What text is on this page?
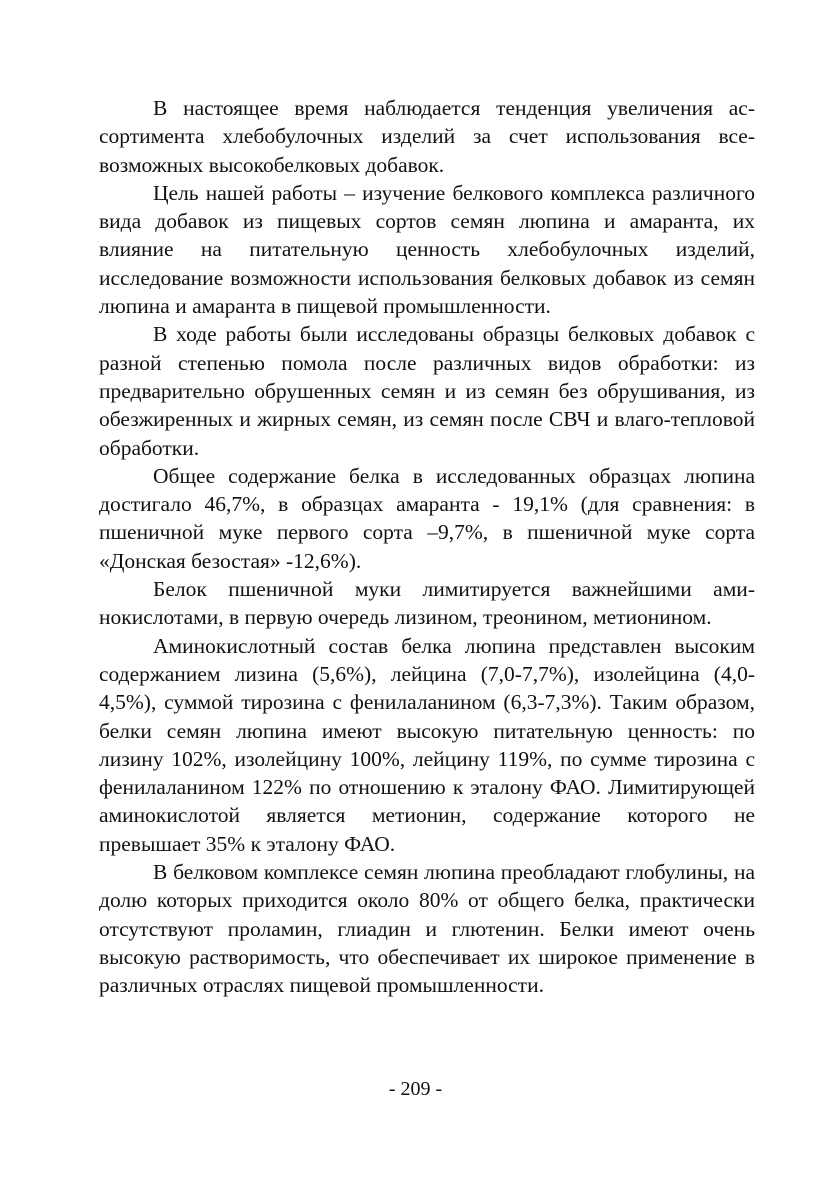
В настоящее время наблюдается тенденция увеличения ассортимента хлебобулочных изделий за счет использования всевозможных высокобелковых добавок.

Цель нашей работы – изучение белкового комплекса различного вида добавок из пищевых сортов семян люпина и амаранта, их влияние на питательную ценность хлебобулочных изделий, исследование возможности использования белковых добавок из семян люпина и амаранта в пищевой промышленности.

В ходе работы были исследованы образцы белковых добавок с разной степенью помола после различных видов обработки: из предварительно обрушенных семян и из семян без обрушивания, из обезжиренных и жирных семян, из семян после СВЧ и влаго-тепловой обработки.

Общее содержание белка в исследованных образцах люпина достигало 46,7%, в образцах амаранта - 19,1% (для сравнения: в пшеничной муке первого сорта –9,7%, в пшеничной муке сорта «Донская безостая» -12,6%).

Белок пшеничной муки лимитируется важнейшими аминокислотами, в первую очередь лизином, треонином, метионином.

Аминокислотный состав белка люпина представлен высоким содержанием лизина (5,6%), лейцина (7,0-7,7%), изолейцина (4,0-4,5%), суммой тирозина с фенилаланином (6,3-7,3%). Таким образом, белки семян люпина имеют высокую питательную ценность: по лизину 102%, изолейцину 100%, лейцину 119%, по сумме тирозина с фенилаланином 122% по отношению к эталону ФАО. Лимитирующей аминокислотой является метионин, содержание которого не превышает 35% к эталону ФАО.

В белковом комплексе семян люпина преобладают глобулины, на долю которых приходится около 80% от общего белка, практически отсутствуют проламин, глиадин и глютенин. Белки имеют очень высокую растворимость, что обеспечивает их широкое применение в различных отраслях пищевой промышленности.

- 209 -
